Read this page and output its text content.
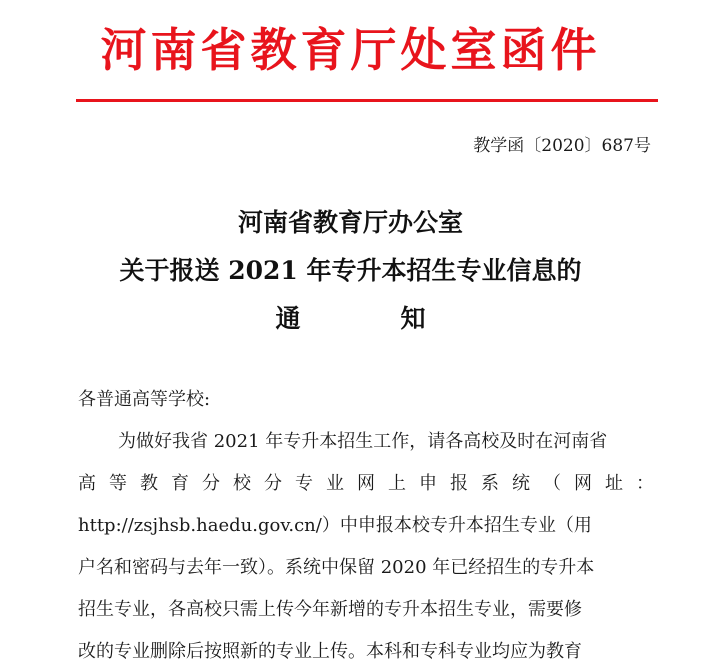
河南省教育厅处室函件
教学函〔2020〕687号
河南省教育厅办公室
关于报送 2021 年专升本招生专业信息的
通	知
各普通高等学校:
为做好我省 2021 年专升本招生工作，请各高校及时在河南省
高等教育分校分专业网上申报系统（网址：
http://zsjhsb.haedu.gov.cn/）中申报本校专升本招生专业（用
户名和密码与去年一致）。系统中保留 2020 年已经招生的专升本
招生专业，各高校只需上传今年新增的专升本招生专业，需要修
改的专业删除后按照新的专业上传。本科和专科专业均应为教育
